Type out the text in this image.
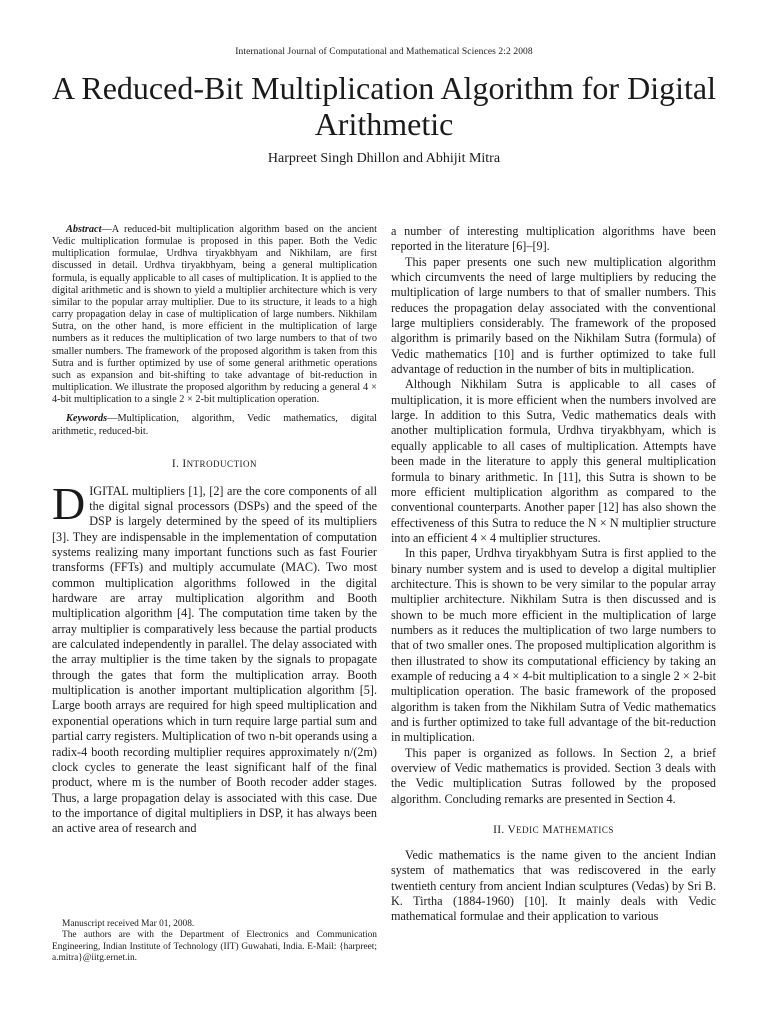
International Journal of Computational and Mathematical Sciences 2:2 2008
A Reduced-Bit Multiplication Algorithm for Digital Arithmetic
Harpreet Singh Dhillon and Abhijit Mitra

Abstract—A reduced-bit multiplication algorithm based on the ancient Vedic multiplication formulae is proposed in this paper. Both the Vedic multiplication formulae, Urdhva tiryakbhyam and Nikhilam, are first discussed in detail. Urdhva tiryakbhyam, being a general multiplication formula, is equally applicable to all cases of multiplication. It is applied to the digital arithmetic and is shown to yield a multiplier architecture which is very similar to the popular array multiplier. Due to its structure, it leads to a high carry propagation delay in case of multiplication of large numbers. Nikhilam Sutra, on the other hand, is more efficient in the multiplication of large numbers as it reduces the multiplication of two large numbers to that of two smaller numbers. The framework of the proposed algorithm is taken from this Sutra and is further optimized by use of some general arithmetic operations such as expansion and bit-shifting to take advantage of bit-reduction in multiplication. We illustrate the proposed algorithm by reducing a general 4 × 4-bit multiplication to a single 2 × 2-bit multiplication operation.

Keywords—Multiplication, algorithm, Vedic mathematics, digital arithmetic, reduced-bit.

I. INTRODUCTION

DIGITAL multipliers [1], [2] are the core components of all the digital signal processors (DSPs) and the speed of the DSP is largely determined by the speed of its multipliers [3]. They are indispensable in the implementation of computation systems realizing many important functions such as fast Fourier transforms (FFTs) and multiply accumulate (MAC). Two most common multiplication algorithms followed in the digital hardware are array multiplication algorithm and Booth multiplication algorithm [4]. The computation time taken by the array multiplier is comparatively less because the partial products are calculated independently in parallel. The delay associated with the array multiplier is the time taken by the signals to propagate through the gates that form the multiplication array. Booth multiplication is another important multiplication algorithm [5]. Large booth arrays are required for high speed multiplication and exponential operations which in turn require large partial sum and partial carry registers. Multiplication of two n-bit operands using a radix-4 booth recording multiplier requires approximately n/(2m) clock cycles to generate the least significant half of the final product, where m is the number of Booth recoder adder stages. Thus, a large propagation delay is associated with this case. Due to the importance of digital multipliers in DSP, it has always been an active area of research and

Manuscript received Mar 01, 2008.

The authors are with the Department of Electronics and Communication Engineering, Indian Institute of Technology (IIT) Guwahati, India. E-Mail: {harpreet; a.mitra}@iitg.ernet.in.

a number of interesting multiplication algorithms have been reported in the literature [6]–[9].

This paper presents one such new multiplication algorithm which circumvents the need of large multipliers by reducing the multiplication of large numbers to that of smaller numbers. This reduces the propagation delay associated with the conventional large multipliers considerably. The framework of the proposed algorithm is primarily based on the Nikhilam Sutra (formula) of Vedic mathematics [10] and is further optimized to take full advantage of reduction in the number of bits in multiplication.

Although Nikhilam Sutra is applicable to all cases of multiplication, it is more efficient when the numbers involved are large. In addition to this Sutra, Vedic mathematics deals with another multiplication formula, Urdhva tiryakbhyam, which is equally applicable to all cases of multiplication. Attempts have been made in the literature to apply this general multiplication formula to binary arithmetic. In [11], this Sutra is shown to be more efficient multiplication algorithm as compared to the conventional counterparts. Another paper [12] has also shown the effectiveness of this Sutra to reduce the N × N multiplier structure into an efficient 4 × 4 multiplier structures.

In this paper, Urdhva tiryakbhyam Sutra is first applied to the binary number system and is used to develop a digital multiplier architecture. This is shown to be very similar to the popular array multiplier architecture. Nikhilam Sutra is then discussed and is shown to be much more efficient in the multiplication of large numbers as it reduces the multiplication of two large numbers to that of two smaller ones. The proposed multiplication algorithm is then illustrated to show its computational efficiency by taking an example of reducing a 4 × 4-bit multiplication to a single 2 × 2-bit multiplication operation. The basic framework of the proposed algorithm is taken from the Nikhilam Sutra of Vedic mathematics and is further optimized to take full advantage of the bit-reduction in multiplication.

This paper is organized as follows. In Section 2, a brief overview of Vedic mathematics is provided. Section 3 deals with the Vedic multiplication Sutras followed by the proposed algorithm. Concluding remarks are presented in Section 4.

II. VEDIC MATHEMATICS

Vedic mathematics is the name given to the ancient Indian system of mathematics that was rediscovered in the early twentieth century from ancient Indian sculptures (Vedas) by Sri B. K. Tirtha (1884-1960) [10]. It mainly deals with Vedic mathematical formulae and their application to various
